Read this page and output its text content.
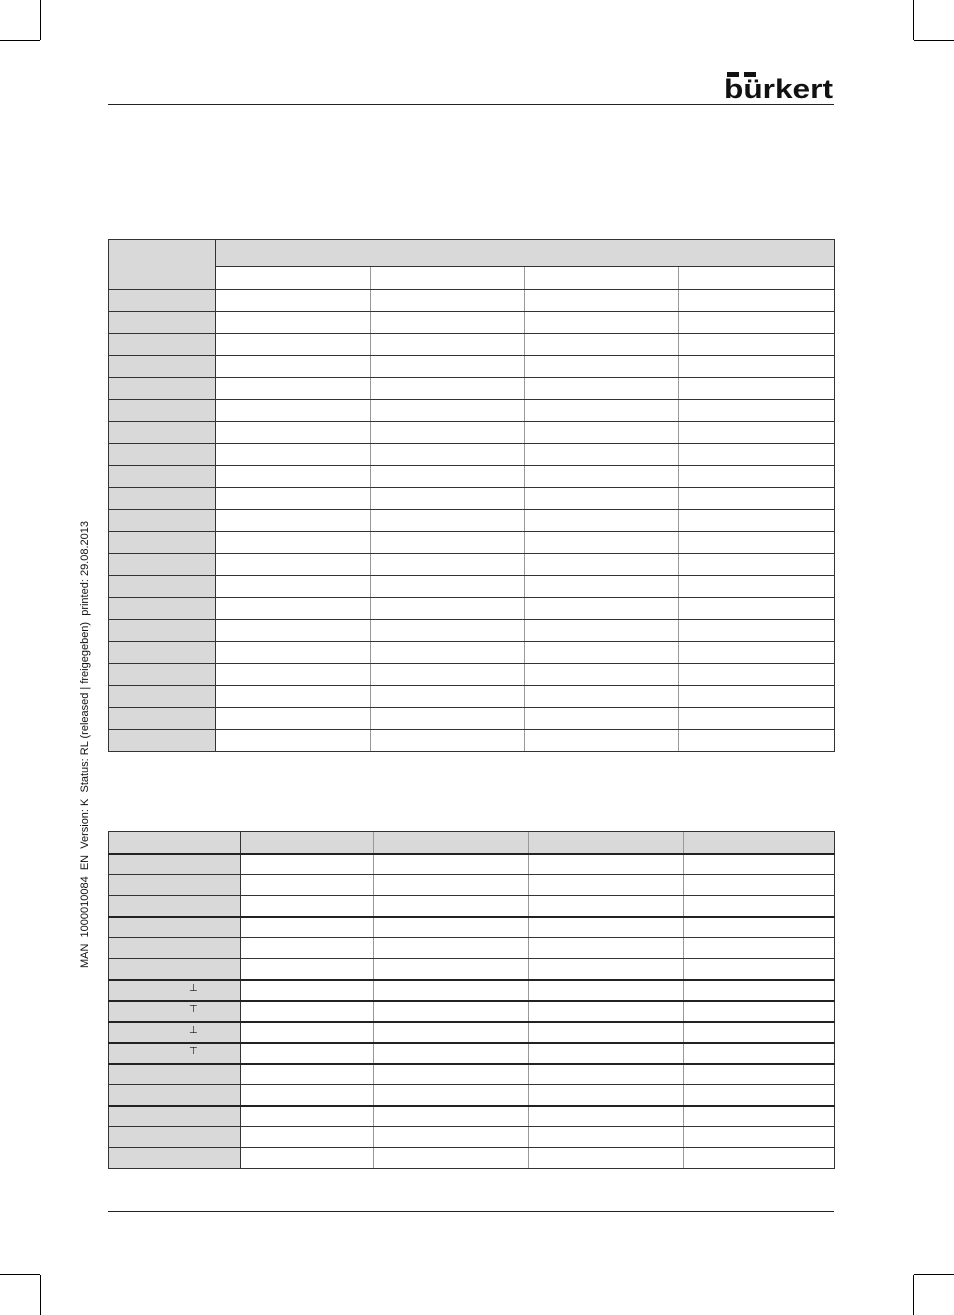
bürkert
MAN  1000010084  EN  Version: K  Status: RL (released | freigegeben)  printed: 29.08.2013

⊥				

⊤				

⊥				

⊤				
